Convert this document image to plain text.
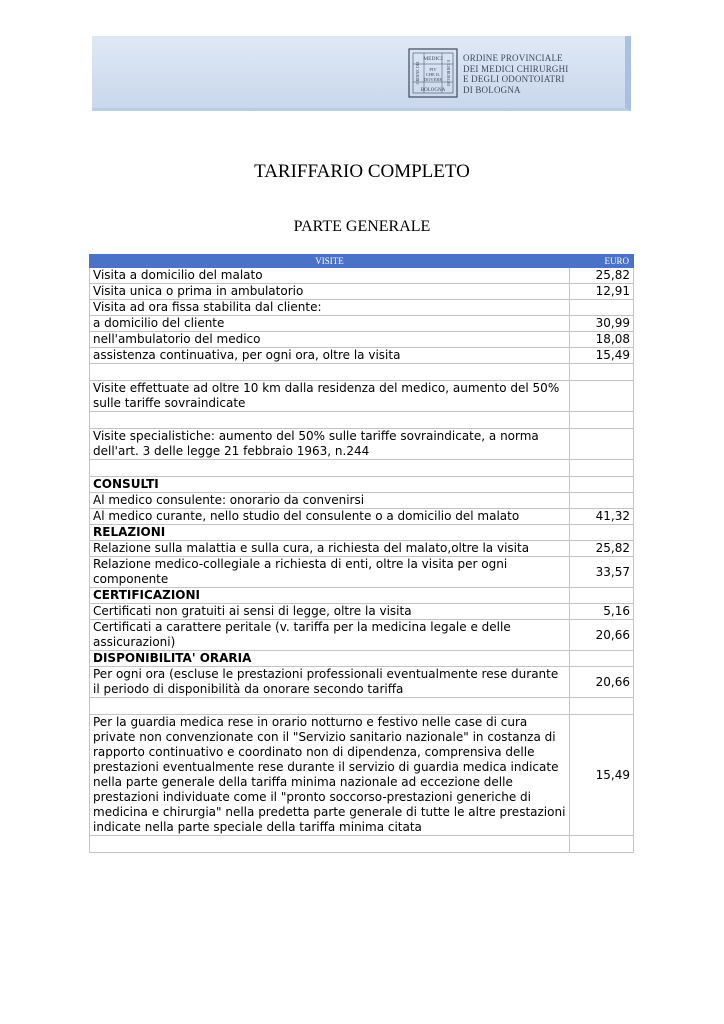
MEDICI
BOLOGNA
PIV
CHE IL
DOVERE
ORDINE DEI	E CHIRURGHI
ORDINE PROVINCIALE
DEI MEDICI CHIRURGHI
E DEGLI ODONTOIATRI
DI BOLOGNA
TARIFFARIO COMPLETO
PARTE GENERALE
VISITE	EURO
Visita a domicilio del malato	25,82
Visita unica o prima in ambulatorio	12,91
Visita ad ora fissa stabilita dal cliente:	
a domicilio del cliente	30,99
nell'ambulatorio del medico	18,08
assistenza continuativa, per ogni ora, oltre la visita	15,49

Visite effettuate ad oltre 10 km dalla residenza del medico, aumento del 50% sulle tariffe sovraindicate	

Visite specialistiche: aumento del 50% sulle tariffe sovraindicate, a norma dell'art. 3 delle legge 21 febbraio 1963, n.244	

CONSULTI	
Al medico consulente: onorario da convenirsi	
Al medico curante, nello studio del consulente o a domicilio del malato	41,32
RELAZIONI	
Relazione sulla malattia e sulla cura, a richiesta del malato,oltre la visita	25,82
Relazione medico-collegiale a richiesta di enti, oltre la visita per ogni componente	33,57
CERTIFICAZIONI	
Certificati non gratuiti ai sensi di legge, oltre la visita	5,16
Certificati a carattere peritale (v. tariffa per la medicina legale e delle assicurazioni)	20,66
DISPONIBILITA' ORARIA	
Per ogni ora (escluse le prestazioni professionali eventualmente rese durante il periodo di disponibilità da onorare secondo tariffa	20,66

Per la guardia medica rese in orario notturno e festivo nelle case di cura private non convenzionate con il "Servizio sanitario nazionale" in costanza di rapporto continuativo e coordinato non di dipendenza, comprensiva delle prestazioni eventualmente rese durante il servizio di guardia medica indicate nella parte generale della tariffa minima nazionale ad eccezione delle prestazioni individuate come il "pronto soccorso-prestazioni generiche di medicina e chirurgia" nella predetta parte generale di tutte le altre prestazioni indicate nella parte speciale della tariffa minima citata	15,49
